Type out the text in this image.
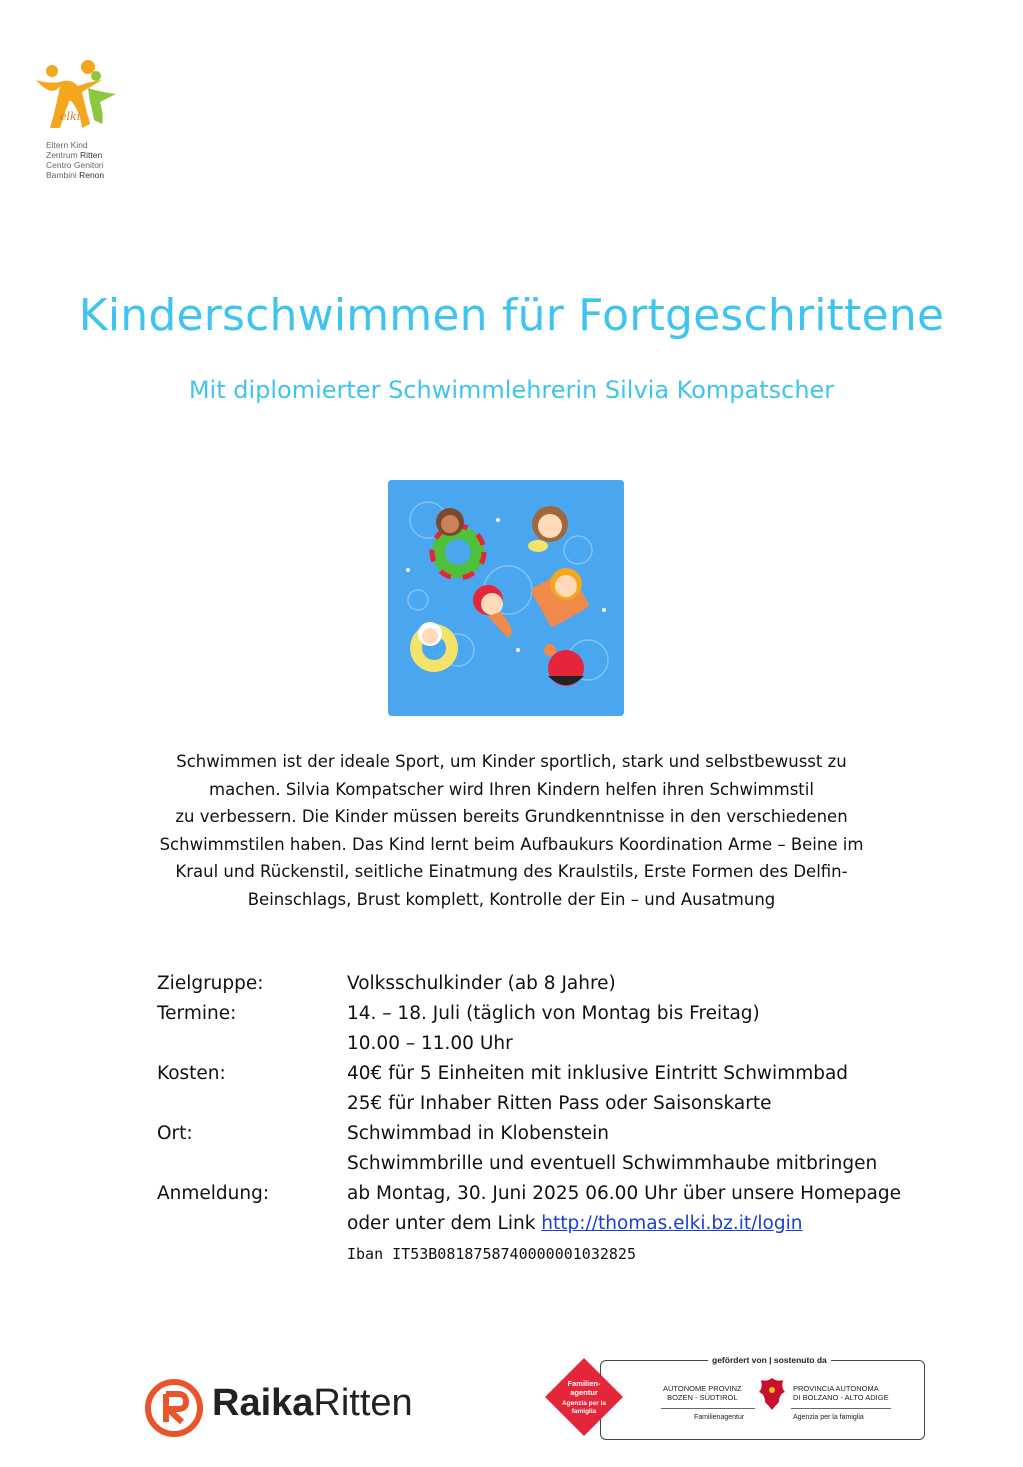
elki
Eltern Kind
Zentrum Ritten
Centro Genitori
Bambini Renon
Kinderschwimmen für Fortgeschrittene
Mit diplomierter Schwimmlehrerin Silvia Kompatscher
Schwimmen ist der ideale Sport, um Kinder sportlich, stark und selbstbewusst zu
machen. Silvia Kompatscher wird Ihren Kindern helfen ihren Schwimmstil
zu verbessern. Die Kinder müssen bereits Grundkenntnisse in den verschiedenen
Schwimmstilen haben. Das Kind lernt beim Aufbaukurs Koordination Arme – Beine im
Kraul und Rückenstil, seitliche Einatmung des Kraulstils, Erste Formen des Delfin-
Beinschlags, Brust komplett, Kontrolle der Ein – und Ausatmung
Zielgruppe:	Volksschulkinder (ab 8 Jahre)
Termine:	14. – 18. Juli (täglich von Montag bis Freitag)
10.00 – 11.00 Uhr
Kosten:	40€ für 5 Einheiten mit inklusive Eintritt Schwimmbad
25€ für Inhaber Ritten Pass oder Saisonskarte
Ort:	Schwimmbad in Klobenstein
Schwimmbrille und eventuell Schwimmhaube mitbringen
Anmeldung:	ab Montag, 30. Juni 2025 06.00 Uhr über unsere Homepage
oder unter dem Link http://thomas.elki.bz.it/login
Iban IT53B0818758740000001032825
RaikaRitten
gefördert von | sostenuto da
Familien-
agentur
Agenzia per la
famiglia
AUTONOME PROVINZ
BOZEN - SÜDTIROL
PROVINCIA AUTONOMA
DI BOLZANO - ALTO ADIGE
Familienagentur	Agenzia per la famiglia
